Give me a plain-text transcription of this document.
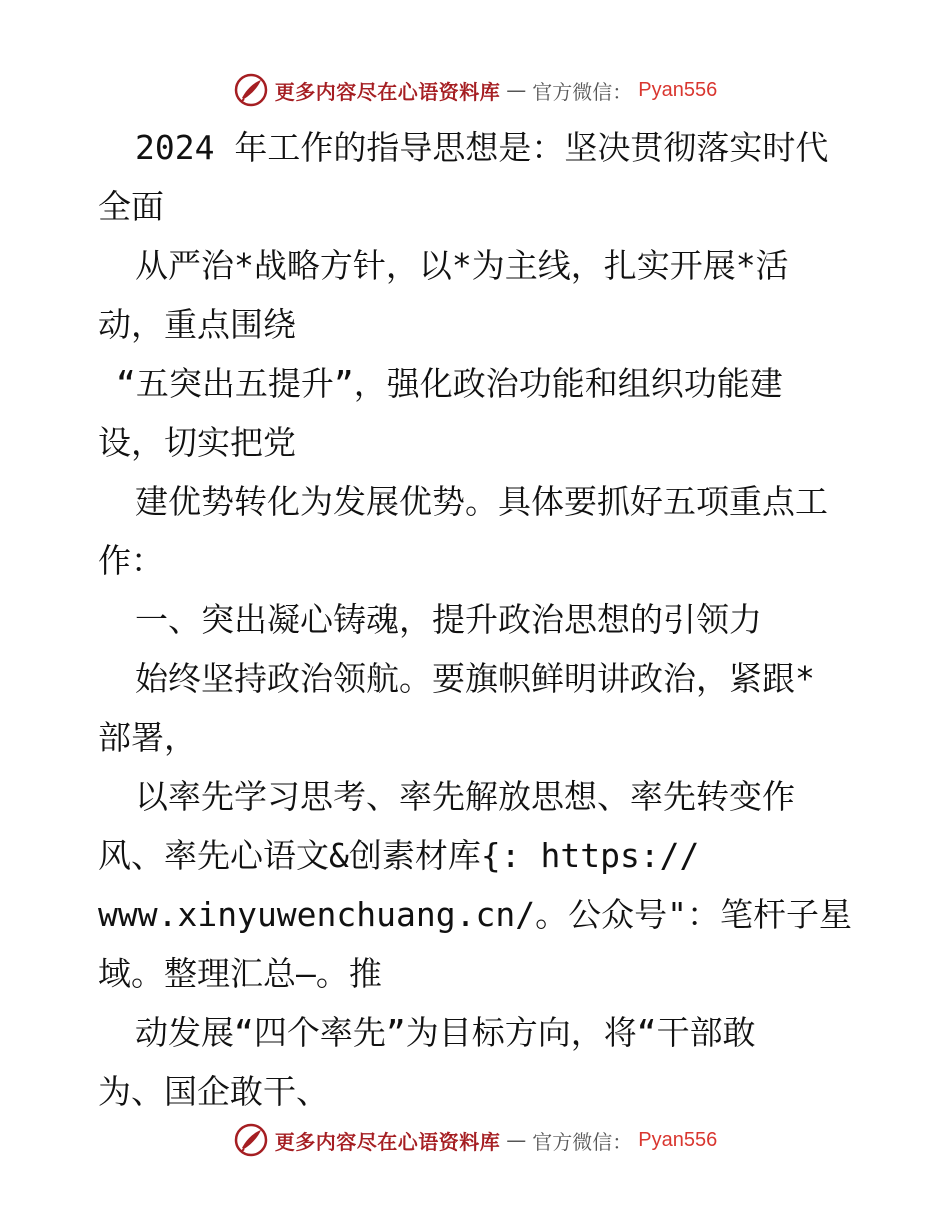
更多内容尽在心语资料库 — 官方微信： Pyan556
2024 年工作的指导思想是：坚决贯彻落实时代
全面
从严治*战略方针，以*为主线，扎实开展*活
动，重点围绕
“五突出五提升”，强化政治功能和组织功能建
设，切实把党
建优势转化为发展优势。具体要抓好五项重点工
作：
一、突出凝心铸魂，提升政治思想的引领力
始终坚持政治领航。要旗帜鲜明讲政治，紧跟*
部署，
以率先学习思考、率先解放思想、率先转变作
风、率先心语文&创素材库{: https://
www.xinyuwenchuang.cn/。公众号"：笔杆子星
域。整理汇总—。推
动发展“四个率先”为目标方向，将“干部敢
为、国企敢干、
更多内容尽在心语资料库 — 官方微信： Pyan556
